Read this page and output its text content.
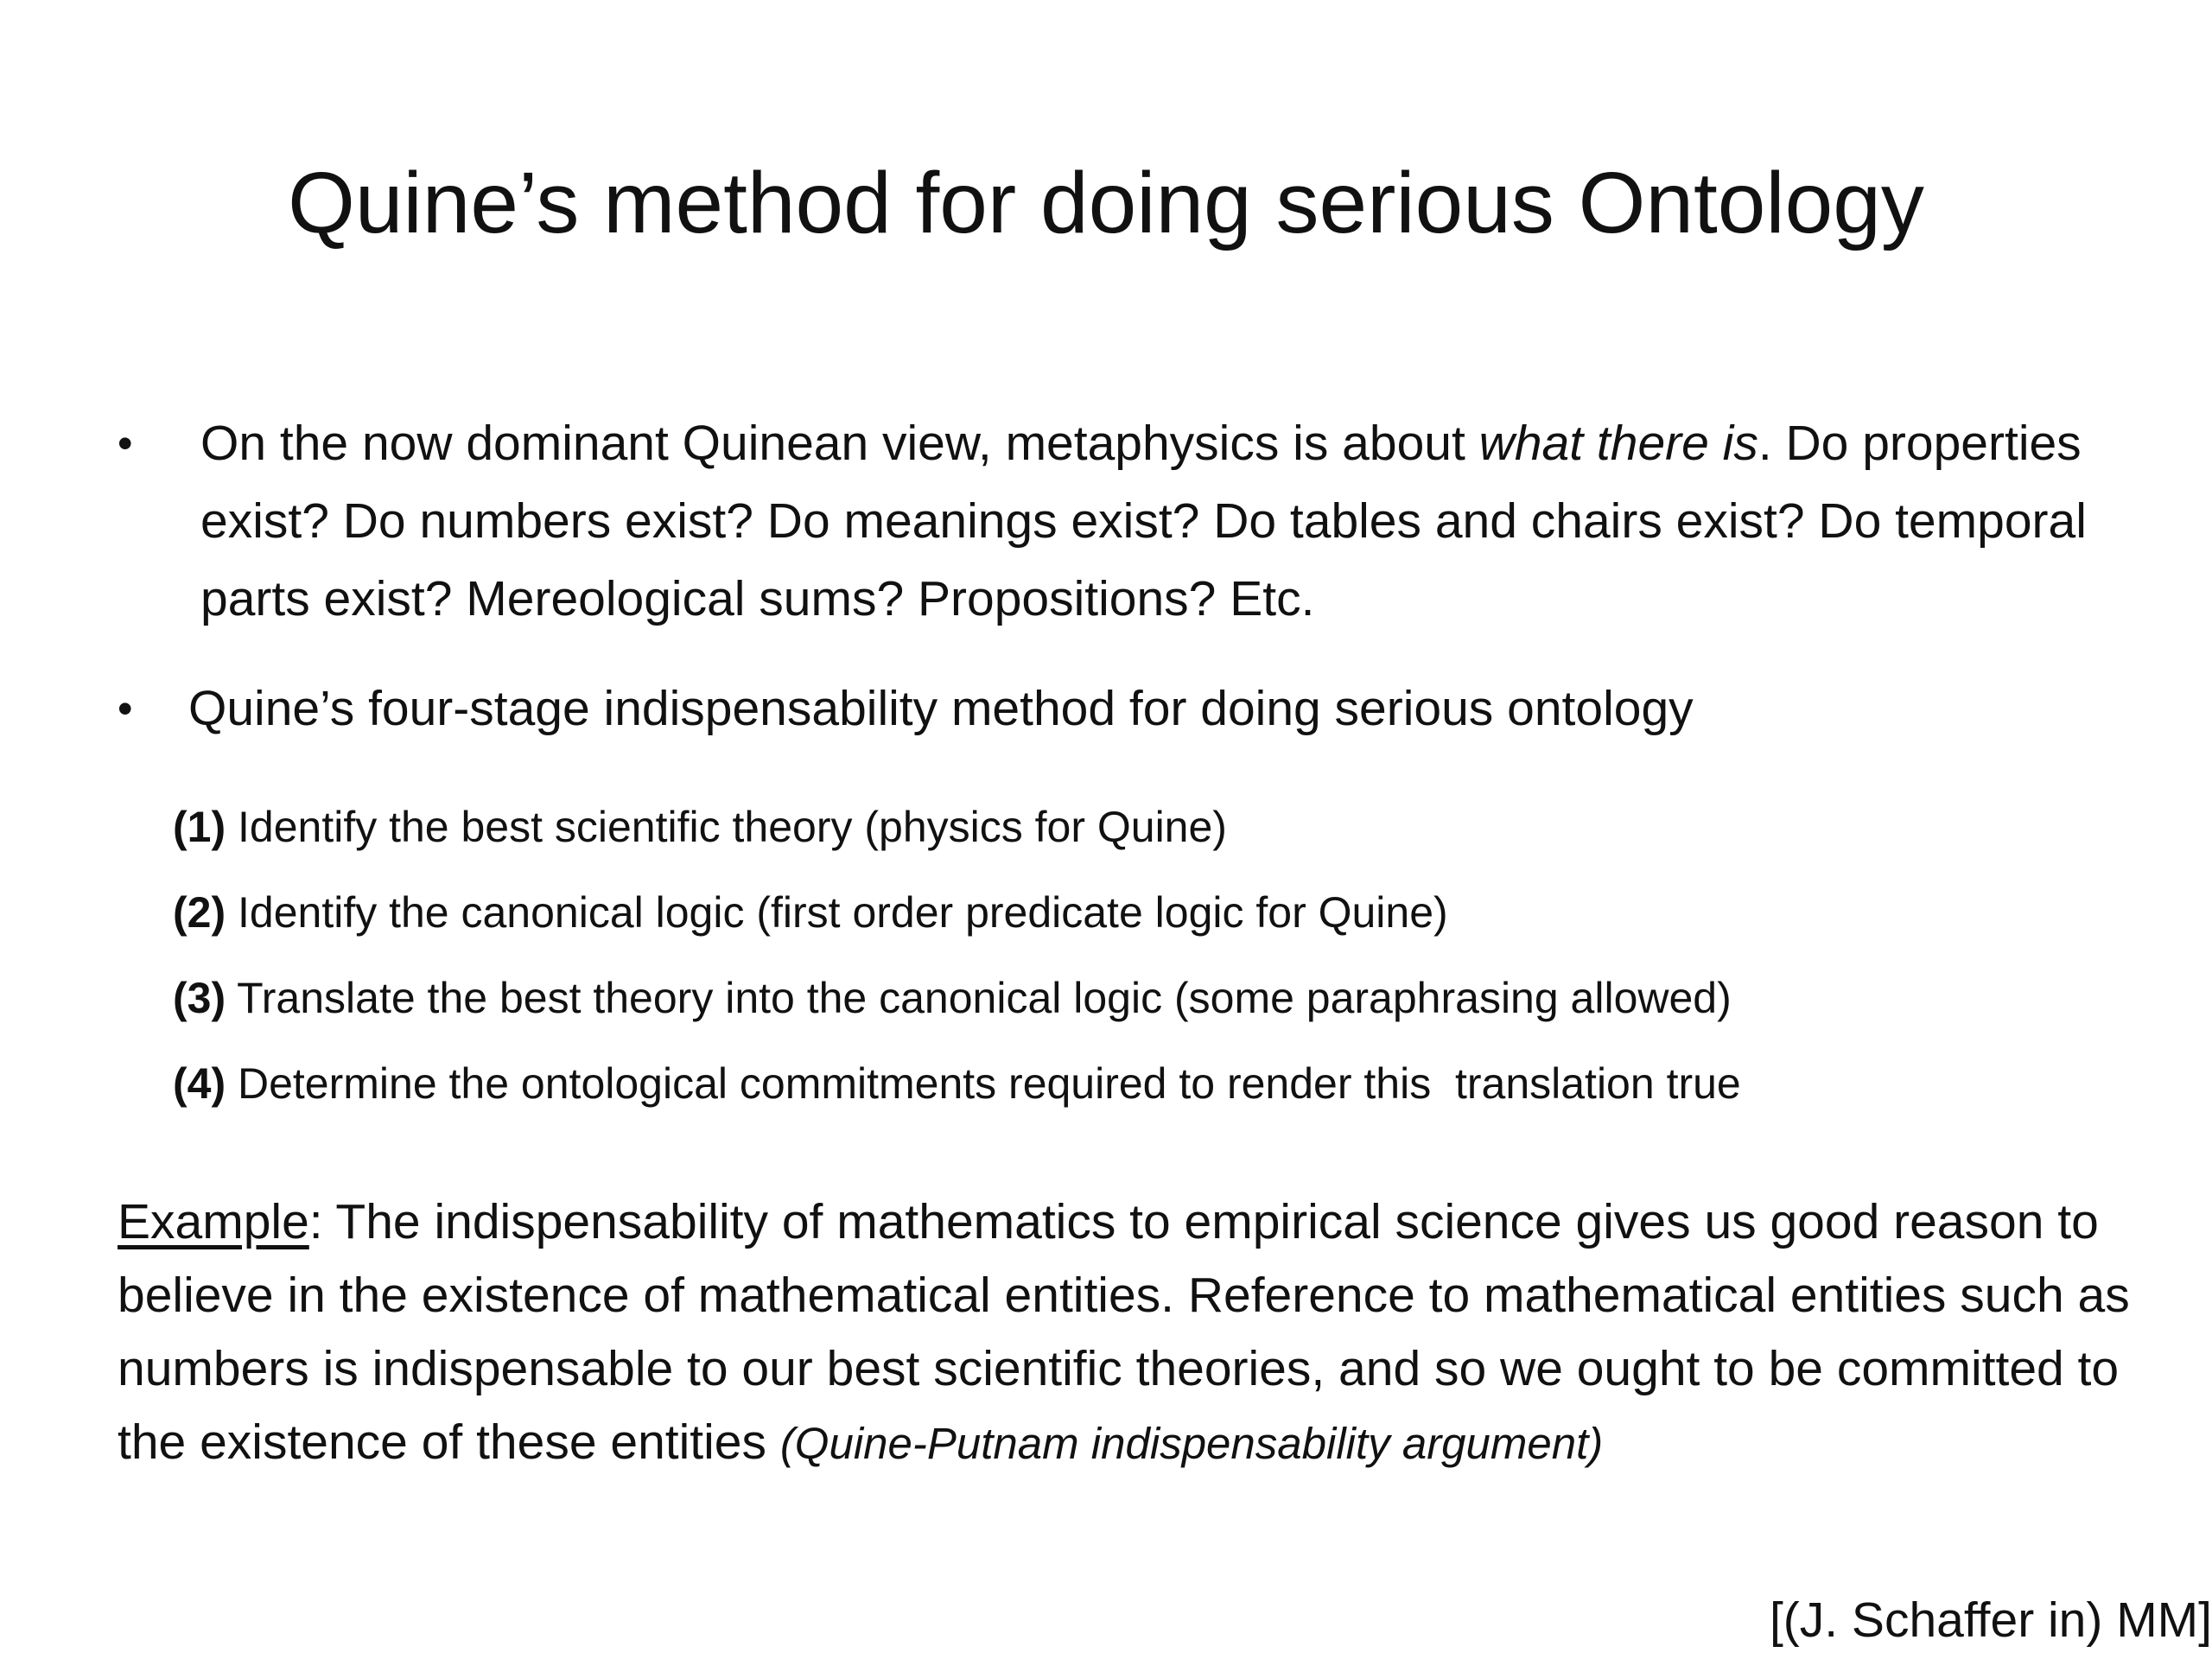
Quine’s method for doing serious Ontology
• On the now dominant Quinean view, metaphysics is about what there is. Do properties exist? Do numbers exist? Do meanings exist? Do tables and chairs exist? Do temporal parts exist? Mereological sums? Propositions? Etc.
• Quine’s four-stage indispensability method for doing serious ontology
(1) Identify the best scientific theory (physics for Quine)
(2) Identify the canonical logic (first order predicate logic for Quine)
(3) Translate the best theory into the canonical logic (some paraphrasing allowed)
(4) Determine the ontological commitments required to render this  translation true

Example: The indispensability of mathematics to empirical science gives us good reason to believe in the existence of mathematical entities. Reference to mathematical entities such as numbers is indispensable to our best scientific theories, and so we ought to be committed to the existence of these entities (Quine-Putnam indispensability argument)

[(J. Schaffer in) MM]
